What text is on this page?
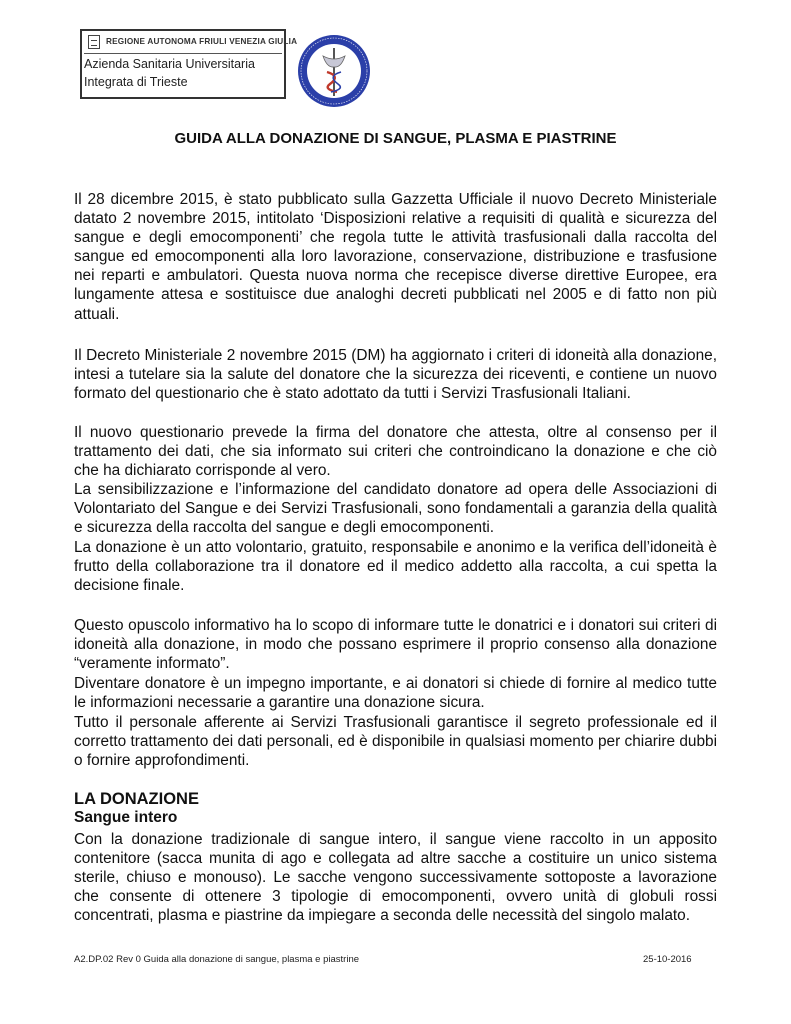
REGIONE AUTONOMA FRIULI VENEZIA GIULIA
Azienda Sanitaria Universitaria
Integrata di Trieste
GUIDA ALLA DONAZIONE DI SANGUE, PLASMA E PIASTRINE

Il 28 dicembre 2015, è stato pubblicato sulla Gazzetta Ufficiale il nuovo Decreto Ministeriale datato 2 novembre 2015, intitolato ‘Disposizioni relative a requisiti di qualità e sicurezza del sangue e degli emocomponenti’ che regola tutte le attività trasfusionali dalla raccolta del sangue ed emocomponenti alla loro lavorazione, conservazione, distribuzione e trasfusione nei reparti e ambulatori. Questa nuova norma che recepisce diverse direttive Europee, era lungamente attesa e sostituisce due analoghi decreti pubblicati nel 2005 e di fatto non più attuali.

Il Decreto Ministeriale 2 novembre 2015 (DM) ha aggiornato i criteri di idoneità alla donazione, intesi a tutelare sia la salute del donatore che la sicurezza dei riceventi, e contiene un nuovo formato del questionario che è stato adottato da tutti i Servizi Trasfusionali Italiani.

Il nuovo questionario prevede la firma del donatore che attesta, oltre al consenso per il trattamento dei dati, che sia informato sui criteri che controindicano la donazione e che ciò che ha dichiarato corrisponde al vero.

La sensibilizzazione e l’informazione del candidato donatore ad opera delle Associazioni di Volontariato del Sangue e dei Servizi Trasfusionali, sono fondamentali a garanzia della qualità e sicurezza della raccolta del sangue e degli emocomponenti.

La donazione è un atto volontario, gratuito, responsabile e anonimo e la verifica dell’idoneità è frutto della collaborazione tra il donatore ed il medico addetto alla raccolta, a cui spetta la decisione finale.

Questo opuscolo informativo ha lo scopo di informare tutte le donatrici e i donatori sui criteri di idoneità alla donazione, in modo che possano esprimere il proprio consenso alla donazione “veramente informato”.

Diventare donatore è un impegno importante, e ai donatori si chiede di fornire al medico tutte le informazioni necessarie a garantire una donazione sicura.

Tutto il personale afferente ai Servizi Trasfusionali garantisce il segreto professionale ed il corretto trattamento dei dati personali, ed è disponibile in qualsiasi momento per chiarire dubbi o fornire approfondimenti.

LA DONAZIONE
Sangue intero

Con la donazione tradizionale di sangue intero, il sangue viene raccolto in un apposito contenitore (sacca munita di ago e collegata ad altre sacche a costituire un unico sistema sterile, chiuso e monouso). Le sacche vengono successivamente sottoposte a lavorazione che consente di ottenere 3 tipologie di emocomponenti, ovvero unità di globuli rossi concentrati, plasma e piastrine da impiegare a seconda delle necessità del singolo malato.

A2.DP.02 Rev 0 Guida alla donazione di sangue, plasma e piastrine	25-10-2016
